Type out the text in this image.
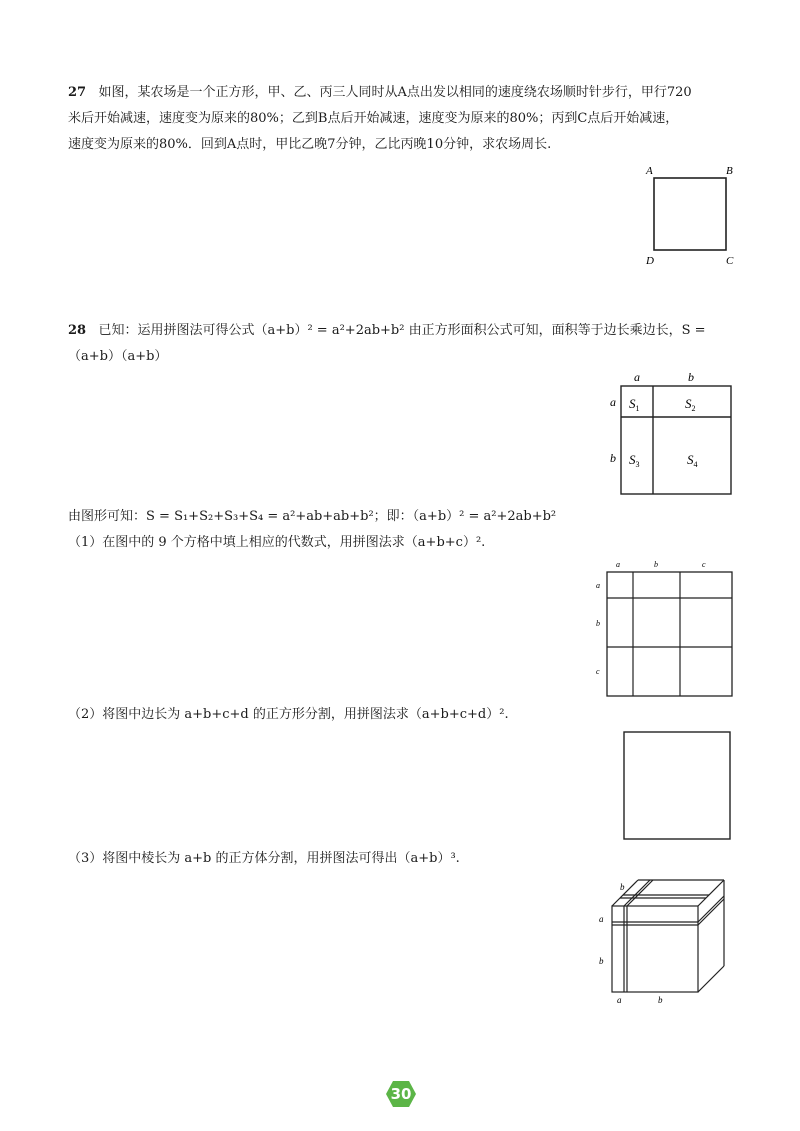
27 如图，某农场是一个正方形，甲、乙、丙三人同时从A点出发以相同的速度绕农场顺时针步行，甲行720
米后开始减速，速度变为原来的80%；乙到B点后开始减速，速度变为原来的80%；丙到C点后开始减速，
速度变为原来的80%．回到A点时，甲比乙晚7分钟，乙比丙晚10分钟，求农场周长.
A	B
D	C
28 已知：运用拼图法可得公式（a+b）² = a²+2ab+b² 由正方形面积公式可知，面积等于边长乘边长，S =
（a+b）（a+b）
a	b
a
b
$S_1$	$S_2$
$S_3$	$S_4$
由图形可知：S = S₁+S₂+S₃+S₄ = a²+ab+ab+b²；即：（a+b）² = a²+2ab+b²
（1）在图中的 9 个方格中填上相应的代数式，用拼图法求（a+b+c）².
a	b	c
a
b
c
（2）将图中边长为 a+b+c+d 的正方形分割，用拼图法求（a+b+c+d）².
（3）将图中棱长为 a+b 的正方体分割，用拼图法可得出（a+b）³.
b
a
b
a	b
30
